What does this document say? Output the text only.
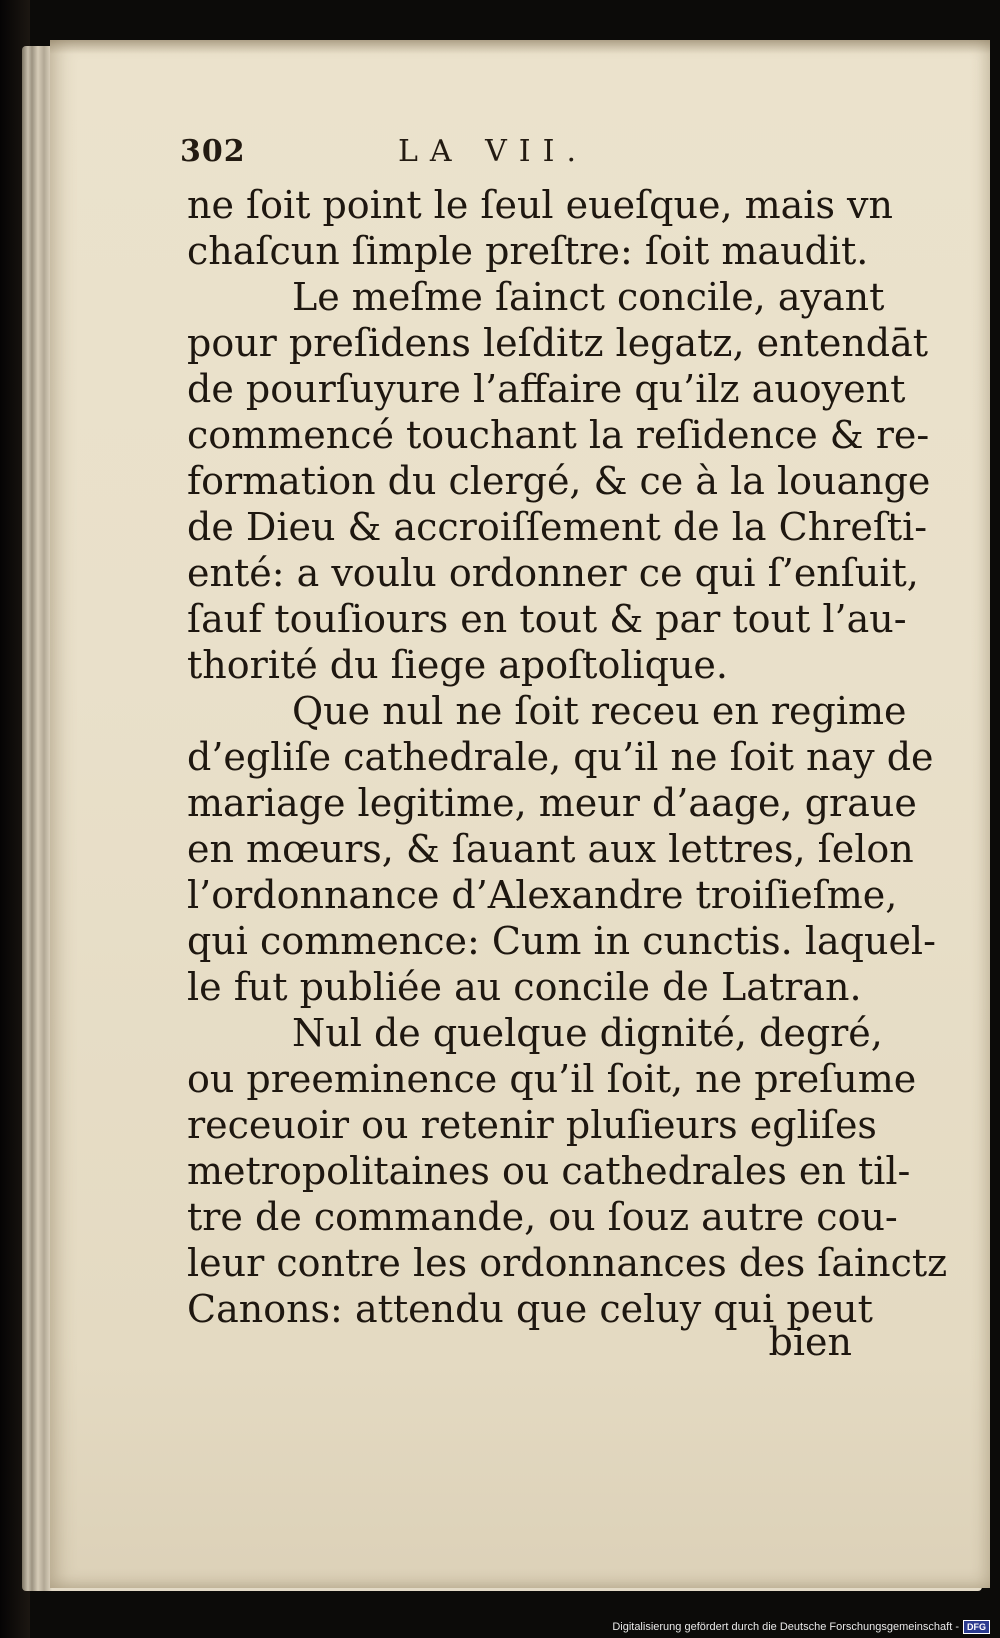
302	LA VII.
ne ſoit point le ſeul eueſque, mais vn
chaſcun ſimple preſtre: ſoit maudit.
Le meſme ſainct concile, ayant
pour preſidens leſditz legatz, entendāt
de pourſuyure l’affaire qu’ilz auoyent
commencé touchant la reſidence & re-
formation du clergé, & ce à la louange
de Dieu & accroiſſement de la Chreſti-
enté: a voulu ordonner ce qui ſ’enſuit,
ſauf touſiours en tout & par tout l’au-
thorité du ſiege apoſtolique.
Que nul ne ſoit receu en regime
d’egliſe cathedrale, qu’il ne ſoit nay de
mariage legitime, meur d’aage, graue
en mœurs, & ſauant aux lettres, ſelon
l’ordonnance d’Alexandre troiſieſme,
qui commence: Cum in cunctis. laquel-
le fut publiée au concile de Latran.
Nul de quelque dignité, degré,
ou preeminence qu’il ſoit, ne preſume
receuoir ou retenir pluſieurs egliſes
metropolitaines ou cathedrales en til-
tre de commande, ou ſouz autre cou-
leur contre les ordonnances des ſainctz
Canons: attendu que celuy qui peut
bien
Digitalisierung gefördert durch die Deutsche Forschungsgemeinschaft - DFG
